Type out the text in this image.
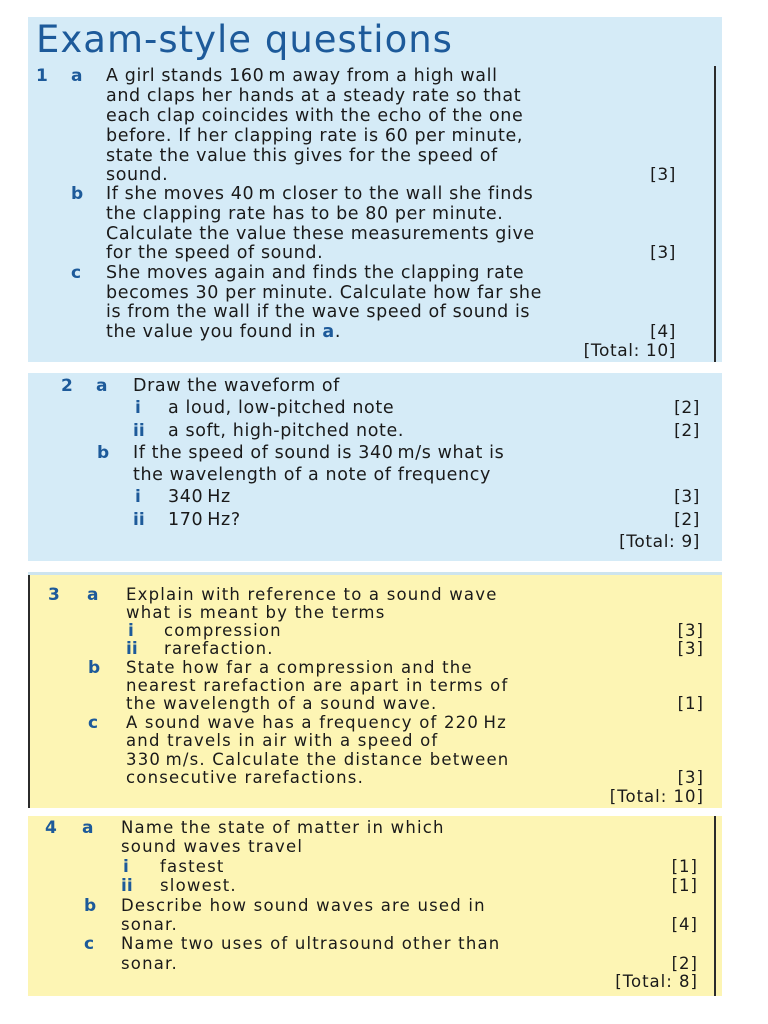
Exam-style questions
1 a A girl stands 160 m away from a high wall
and claps her hands at a steady rate so that
each clap coincides with the echo of the one
before. If her clapping rate is 60 per minute,
state the value this gives for the speed of
sound.	[3]
b If she moves 40 m closer to the wall she finds
the clapping rate has to be 80 per minute.
Calculate the value these measurements give
for the speed of sound.	[3]
c She moves again and finds the clapping rate
becomes 30 per minute. Calculate how far she
is from the wall if the wave speed of sound is
the value you found in a.	[4]
[Total: 10]
2 a Draw the waveform of
i a loud, low-pitched note	[2]
ii a soft, high-pitched note.	[2]
b If the speed of sound is 340 m/s what is
the wavelength of a note of frequency
i 340 Hz	[3]
ii 170 Hz?	[2]
[Total: 9]
3 a Explain with reference to a sound wave
what is meant by the terms
i compression	[3]
ii rarefaction.	[3]
b State how far a compression and the
nearest rarefaction are apart in terms of
the wavelength of a sound wave.	[1]
c A sound wave has a frequency of 220 Hz
and travels in air with a speed of
330 m/s. Calculate the distance between
consecutive rarefactions.	[3]
[Total: 10]
4 a Name the state of matter in which
sound waves travel
i fastest	[1]
ii slowest.	[1]
b Describe how sound waves are used in
sonar.	[4]
c Name two uses of ultrasound other than
sonar.	[2]
[Total: 8]
